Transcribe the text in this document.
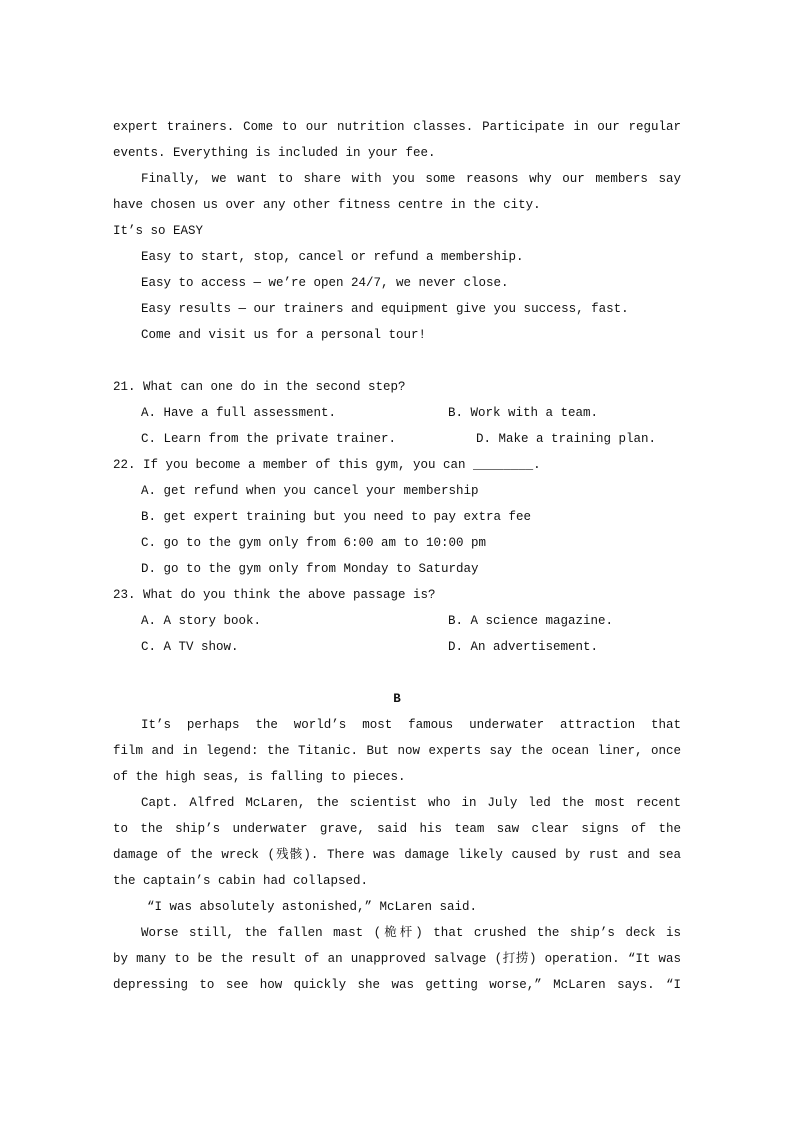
expert trainers. Come to our nutrition classes. Participate in our regular
events. Everything is included in your fee.
Finally, we want to share with you some reasons why our members say
have chosen us over any other fitness centre in the city.
It’s so EASY
Easy to start, stop, cancel or refund a membership.
Easy to access — we’re open 24/7, we never close.
Easy results — our trainers and equipment give you success, fast.
Come and visit us for a personal tour!
21. What can one do in the second step?
A. Have a full assessment.	B. Work with a team.
C. Learn from the private trainer.	D. Make a training plan.
22. If you become a member of this gym, you can ________.
A. get refund when you cancel your membership
B. get expert training but you need to pay extra fee
C. go to the gym only from 6:00 am to 10:00 pm
D. go to the gym only from Monday to Saturday
23. What do you think the above passage is?
A. A story book.	B. A science magazine.
C. A TV show.	D. An advertisement.
B
It’s perhaps the world’s most famous underwater attraction that
film and in legend: the Titanic. But now experts say the ocean liner, once
of the high seas, is falling to pieces.
Capt. Alfred McLaren, the scientist who in July led the most recent
to the ship’s underwater grave, said his team saw clear signs of the
damage of the wreck (残骸). There was damage likely caused by rust and sea
the captain’s cabin had collapsed.
“I was absolutely astonished,” McLaren said.
Worse still, the fallen mast (桅杆) that crushed the ship’s deck is
by many to be the result of an unapproved salvage (打捞) operation. “It was
depressing to see how quickly she was getting worse,” McLaren says. “I
